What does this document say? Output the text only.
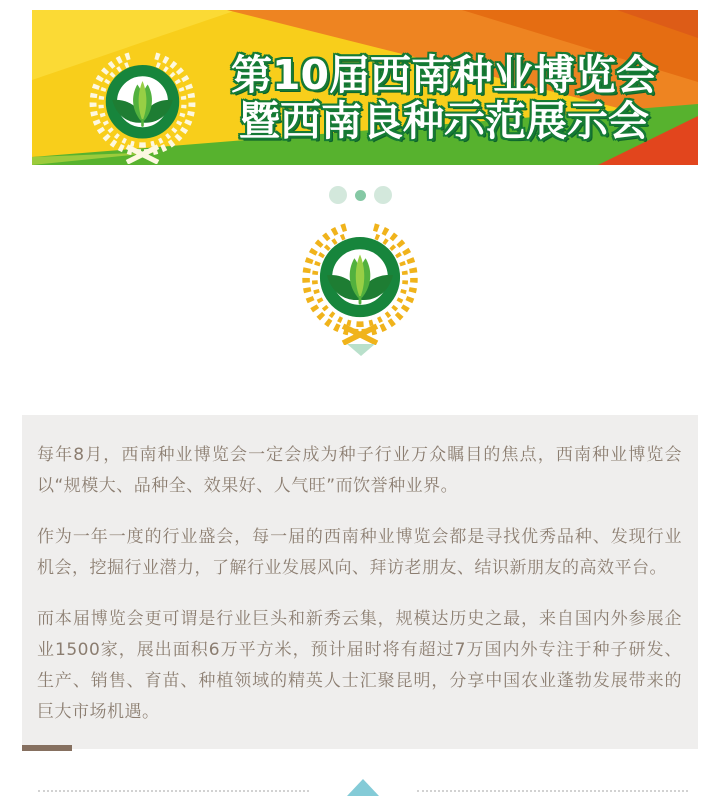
第10届西南种业博览会
暨西南良种示范展示会

每年8月，西南种业博览会一定会成为种子行业万众瞩目的焦点，西南种业博览会以“规模大、品种全、效果好、人气旺”而饮誉种业界。

作为一年一度的行业盛会，每一届的西南种业博览会都是寻找优秀品种、发现行业机会，挖掘行业潜力，了解行业发展风向、拜访老朋友、结识新朋友的高效平台。

而本届博览会更可谓是行业巨头和新秀云集，规模达历史之最，来自国内外参展企业1500家，展出面积6万平方米，预计届时将有超过7万国内外专注于种子研发、生产、销售、育苗、种植领域的精英人士汇聚昆明，分享中国农业蓬勃发展带来的巨大市场机遇。
